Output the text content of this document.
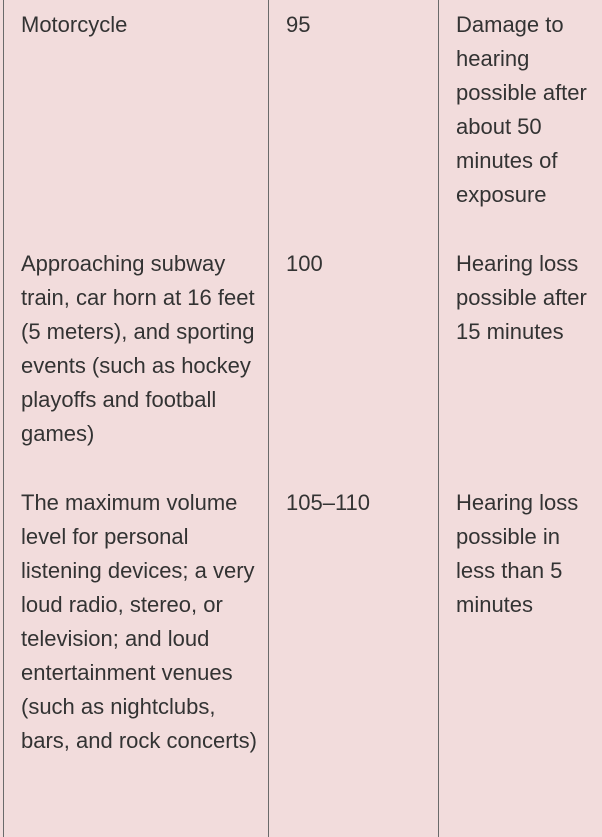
Motorcycle	95	Damage to hearing possible after about 50 minutes of exposure
Approaching subway train, car horn at 16 feet (5 meters), and sporting events (such as hockey playoffs and football games)	100	Hearing loss possible after 15 minutes
The maximum volume level for personal listening devices; a very loud radio, stereo, or television; and loud entertainment venues (such as nightclubs, bars, and rock concerts)	105–110	Hearing loss possible in less than 5 minutes
